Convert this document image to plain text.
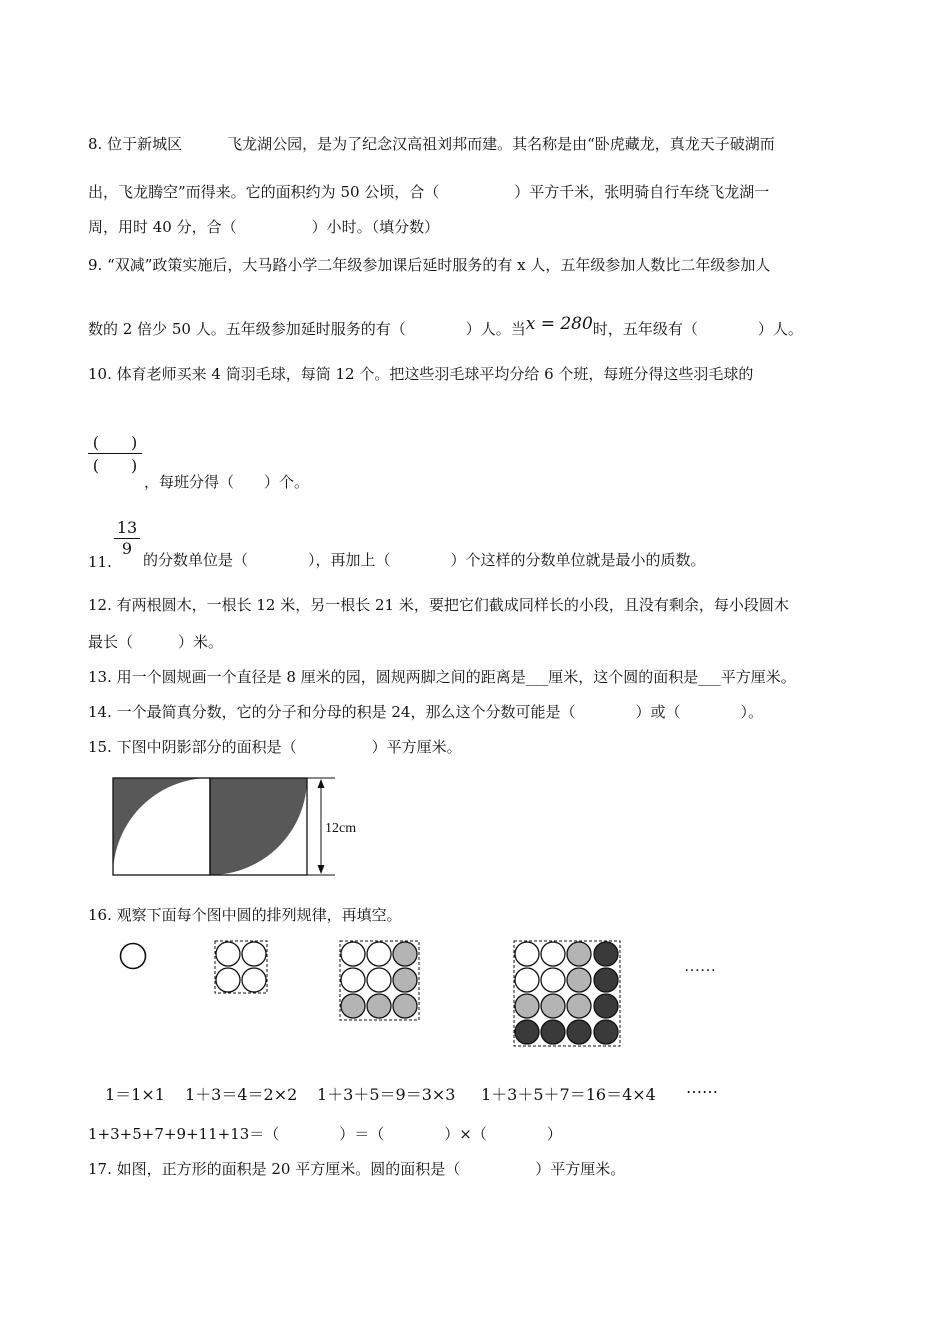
8. 位于新城区　　　飞龙湖公园，是为了纪念汉高祖刘邦而建。其名称是由“卧虎藏龙，真龙天子破湖而
出，飞龙腾空”而得来。它的面积约为 50 公顷，合（　　　　　）平方千米，张明骑自行车绕飞龙湖一
周，用时 40 分，合（　　　　　）小时。（填分数）
9. “双减”政策实施后，大马路小学二年级参加课后延时服务的有 x 人，五年级参加人数比二年级参加人
数的 2 倍少 50 人。五年级参加延时服务的有（　　　　）人。当x = 280时，五年级有（　　　　）人。
10. 体育老师买来 4 筒羽毛球，每筒 12 个。把这些羽毛球平均分给 6 个班，每班分得这些羽毛球的
(　　)
(　　)
，每班分得（　　）个。
11.
13
9
的分数单位是（　　　　），再加上（　　　　）个这样的分数单位就是最小的质数。
12. 有两根圆木，一根长 12 米，另一根长 21 米，要把它们截成同样长的小段，且没有剩余，每小段圆木
最长（　　　）米。
13. 用一个圆规画一个直径是 8 厘米的园，圆规两脚之间的距离是___厘米，这个圆的面积是___平方厘米。
14. 一个最简真分数，它的分子和分母的积是 24，那么这个分数可能是（　　　　）或（　　　　）。
15. 下图中阴影部分的面积是（　　　　　）平方厘米。
12cm
16. 观察下面每个图中圆的排列规律，再填空。
……
1＝1×1 1＋3＝4＝2×2 1＋3＋5＝9＝3×3 1＋3＋5＋7＝16＝4×4 ……
1+3+5+7+9+11+13＝（　　　　）＝（　　　　）×（　　　　）
17. 如图，正方形的面积是 20 平方厘米。圆的面积是（　　　　　）平方厘米。
